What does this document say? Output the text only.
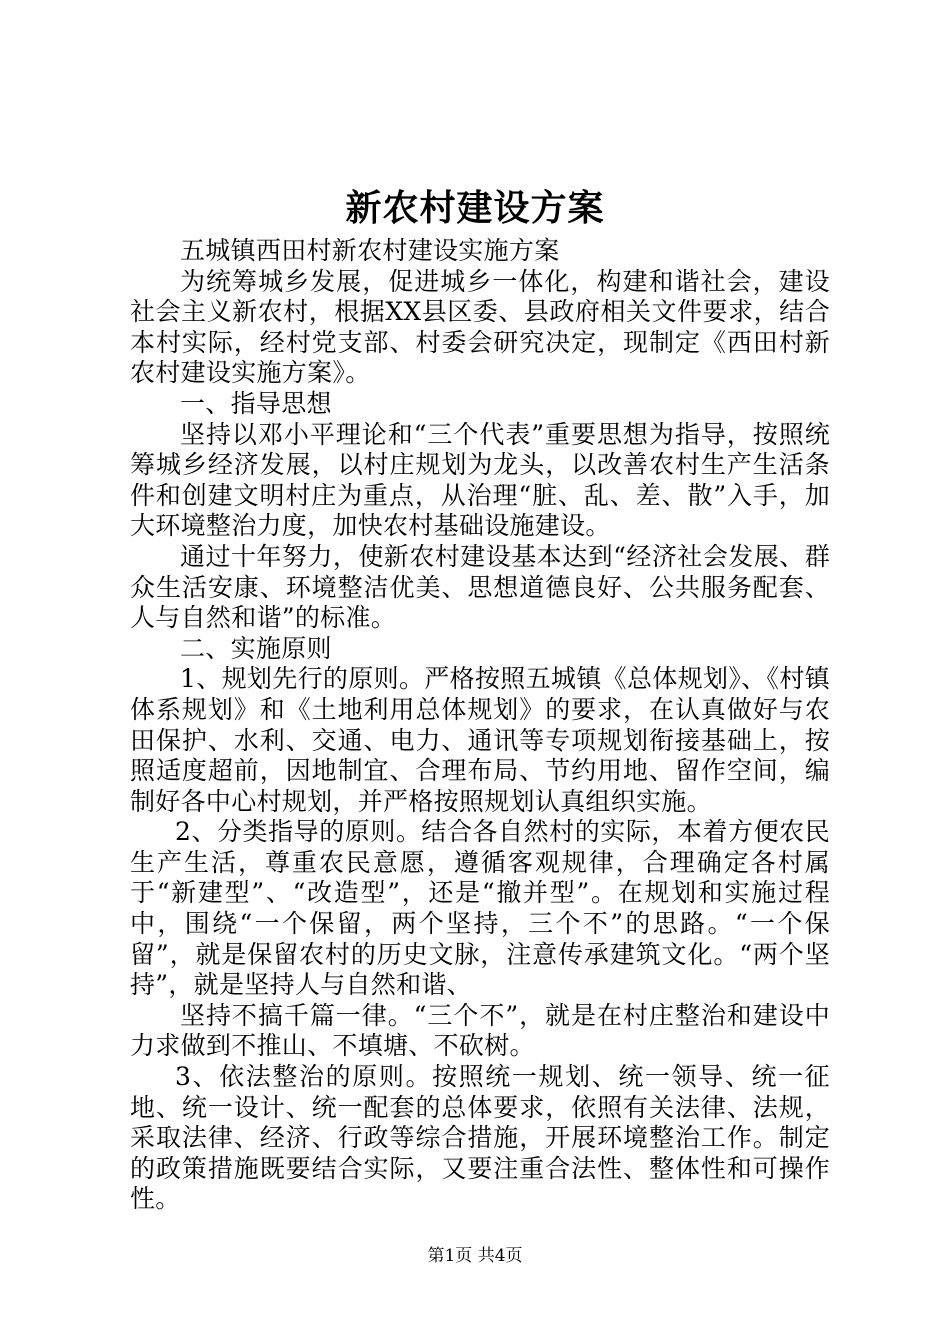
新农村建设方案

五城镇西田村新农村建设实施方案

为统筹城乡发展，促进城乡一体化，构建和谐社会，建设社会主义新农村，根据XX县区委、县政府相关文件要求，结合本村实际，经村党支部、村委会研究决定，现制定《西田村新农村建设实施方案》。

一、指导思想

坚持以邓小平理论和“三个代表”重要思想为指导，按照统筹城乡经济发展，以村庄规划为龙头，以改善农村生产生活条件和创建文明村庄为重点，从治理“脏、乱、差、散”入手，加大环境整治力度，加快农村基础设施建设。

通过十年努力，使新农村建设基本达到“经济社会发展、群众生活安康、环境整洁优美、思想道德良好、公共服务配套、人与自然和谐”的标准。

二、实施原则

1、规划先行的原则。严格按照五城镇《总体规划》、《村镇体系规划》和《土地利用总体规划》的要求，在认真做好与农田保护、水利、交通、电力、通讯等专项规划衔接基础上，按照适度超前，因地制宜、合理布局、节约用地、留作空间，编制好各中心村规划，并严格按照规划认真组织实施。

2、分类指导的原则。结合各自然村的实际，本着方便农民生产生活，尊重农民意愿，遵循客观规律，合理确定各村属于“新建型”、“改造型”，还是“撤并型”。在规划和实施过程中，围绕“一个保留，两个坚持，三个不”的思路。“一个保留”，就是保留农村的历史文脉，注意传承建筑文化。“两个坚持”，就是坚持人与自然和谐、

坚持不搞千篇一律。“三个不”，就是在村庄整治和建设中力求做到不推山、不填塘、不砍树。

3、依法整治的原则。按照统一规划、统一领导、统一征地、统一设计、统一配套的总体要求，依照有关法律、法规，采取法律、经济、行政等综合措施，开展环境整治工作。制定的政策措施既要结合实际，又要注重合法性、整体性和可操作性。

第1页 共4页
